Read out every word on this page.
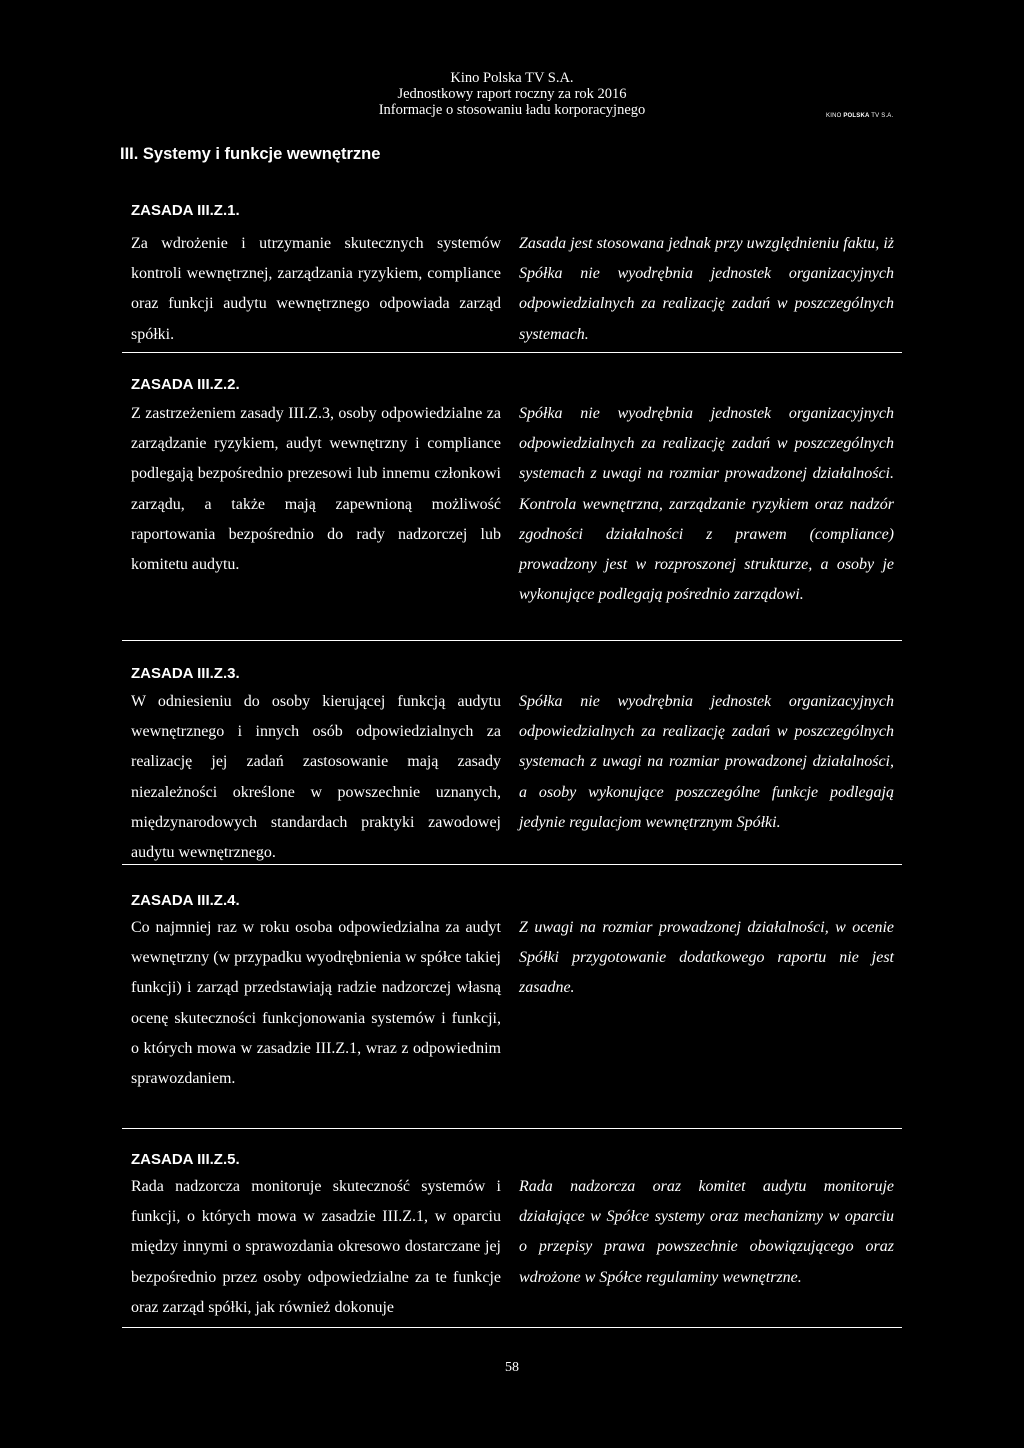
Kino Polska TV S.A.
Jednostkowy raport roczny za rok 2016
Informacje o stosowaniu ładu korporacyjnego	KINO POLSKA TV S.A.
III. Systemy i funkcje wewnętrzne
ZASADA III.Z.1.
Za wdrożenie i utrzymanie skutecznych systemów kontroli wewnętrznej, zarządzania ryzykiem, compliance oraz funkcji audytu wewnętrznego odpowiada zarząd spółki.
Zasada jest stosowana jednak przy uwzględnieniu faktu, iż Spółka nie wyodrębnia jednostek organizacyjnych odpowiedzialnych za realizację zadań w poszczególnych systemach.
ZASADA III.Z.2.
Z zastrzeżeniem zasady III.Z.3, osoby odpowiedzialne za zarządzanie ryzykiem, audyt wewnętrzny i compliance podlegają bezpośrednio prezesowi lub innemu członkowi zarządu, a także mają zapewnioną możliwość raportowania bezpośrednio do rady nadzorczej lub komitetu audytu.
Spółka nie wyodrębnia jednostek organizacyjnych odpowiedzialnych za realizację zadań w poszczególnych systemach z uwagi na rozmiar prowadzonej działalności. Kontrola wewnętrzna, zarządzanie ryzykiem oraz nadzór zgodności działalności z prawem (compliance) prowadzony jest w rozproszonej strukturze, a osoby je wykonujące podlegają pośrednio zarządowi.
ZASADA III.Z.3.
W odniesieniu do osoby kierującej funkcją audytu wewnętrznego i innych osób odpowiedzialnych za realizację jej zadań zastosowanie mają zasady niezależności określone w powszechnie uznanych, międzynarodowych standardach praktyki zawodowej audytu wewnętrznego.
Spółka nie wyodrębnia jednostek organizacyjnych odpowiedzialnych za realizację zadań w poszczególnych systemach z uwagi na rozmiar prowadzonej działalności, a osoby wykonujące poszczególne funkcje podlegają jedynie regulacjom wewnętrznym Spółki.
ZASADA III.Z.4.
Co najmniej raz w roku osoba odpowiedzialna za audyt wewnętrzny (w przypadku wyodrębnienia w spółce takiej funkcji) i zarząd przedstawiają radzie nadzorczej własną ocenę skuteczności funkcjonowania systemów i funkcji, o których mowa w zasadzie III.Z.1, wraz z odpowiednim sprawozdaniem.
Z uwagi na rozmiar prowadzonej działalności, w ocenie Spółki przygotowanie dodatkowego raportu nie jest zasadne.
ZASADA III.Z.5.
Rada nadzorcza monitoruje skuteczność systemów i funkcji, o których mowa w zasadzie III.Z.1, w oparciu między innymi o sprawozdania okresowo dostarczane jej bezpośrednio przez osoby odpowiedzialne za te funkcje oraz zarząd spółki, jak również dokonuje
Rada nadzorcza oraz komitet audytu monitoruje działające w Spółce systemy oraz mechanizmy w oparciu o przepisy prawa powszechnie obowiązującego oraz wdrożone w Spółce regulaminy wewnętrzne.
58
